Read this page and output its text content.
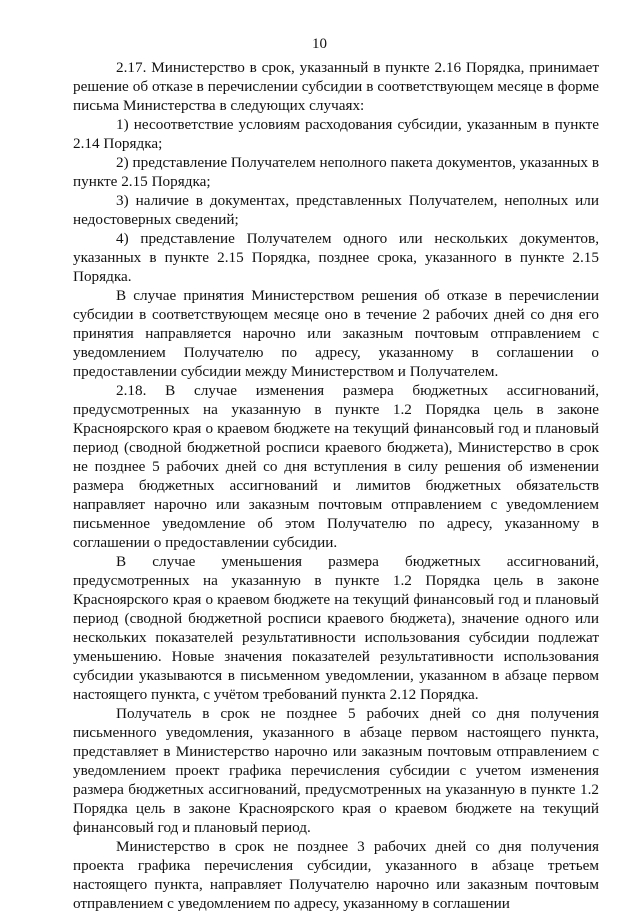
10

2.17. Министерство в срок, указанный в пункте 2.16 Порядка, принимает решение об отказе в перечислении субсидии в соответствующем месяце в форме письма Министерства в следующих случаях:

1) несоответствие условиям расходования субсидии, указанным в пункте 2.14 Порядка;

2) представление Получателем неполного пакета документов, указанных в пункте 2.15 Порядка;

3) наличие в документах, представленных Получателем, неполных или недостоверных сведений;

4) представление Получателем одного или нескольких документов, указанных в пункте 2.15 Порядка, позднее срока, указанного в пункте 2.15 Порядка.

В случае принятия Министерством решения об отказе в перечислении субсидии в соответствующем месяце оно в течение 2 рабочих дней со дня его принятия направляется нарочно или заказным почтовым отправлением с уведомлением Получателю по адресу, указанному в соглашении о предоставлении субсидии между Министерством и Получателем.

2.18. В случае изменения размера бюджетных ассигнований, предусмотренных на указанную в пункте 1.2 Порядка цель в законе Красноярского края о краевом бюджете на текущий финансовый год и плановый период (сводной бюджетной росписи краевого бюджета), Министерство в срок не позднее 5 рабочих дней со дня вступления в силу решения об изменении размера бюджетных ассигнований и лимитов бюджетных обязательств направляет нарочно или заказным почтовым отправлением с уведомлением письменное уведомление об этом Получателю по адресу, указанному в соглашении о предоставлении субсидии.

В случае уменьшения размера бюджетных ассигнований, предусмотренных на указанную в пункте 1.2 Порядка цель в законе Красноярского края о краевом бюджете на текущий финансовый год и плановый период (сводной бюджетной росписи краевого бюджета), значение одного или нескольких показателей результативности использования субсидии подлежат уменьшению. Новые значения показателей результативности использования субсидии указываются в письменном уведомлении, указанном в абзаце первом настоящего пункта, с учётом требований пункта 2.12 Порядка.

Получатель в срок не позднее 5 рабочих дней со дня получения письменного уведомления, указанного в абзаце первом настоящего пункта, представляет в Министерство нарочно или заказным почтовым отправлением с уведомлением проект графика перечисления субсидии с учетом изменения размера бюджетных ассигнований, предусмотренных на указанную в пункте 1.2 Порядка цель в законе Красноярского края о краевом бюджете на текущий финансовый год и плановый период.

Министерство в срок не позднее 3 рабочих дней со дня получения проекта графика перечисления субсидии, указанного в абзаце третьем настоящего пункта, направляет Получателю нарочно или заказным почтовым отправлением с уведомлением по адресу, указанному в соглашении
